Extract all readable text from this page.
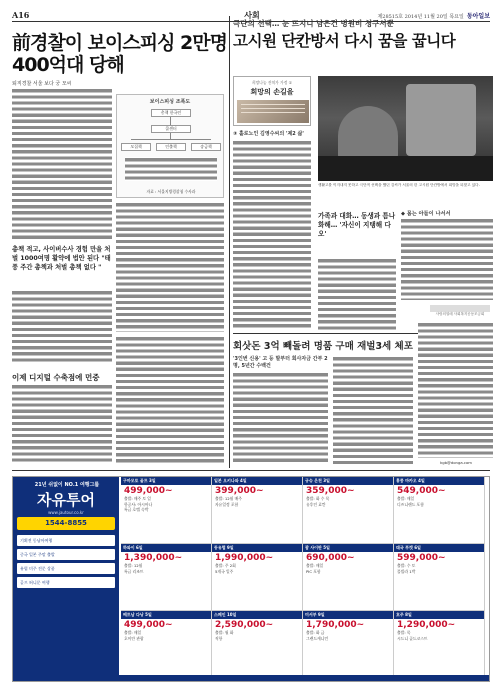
A16	사회	제28515호 2014년 11월 20일 목요일 동아일보
前경찰이 보이스피싱 2만명 400억대 당해
퇴직경찰 서울 보다 궁 모씨
보이스피싱 조폭도
총책 한국인
콜센터
모집책	인출책	송금책
자료 : 서울지방경찰청 수사과
총책 적고, 사이버수사 경험 만을 처벌 1000여명 활약에 법안 된다 "태풍 주간 총책과 처벌 총책 없다 "
이제 디지털 수축점에 먼중
극단의 선택… 눈 뜨지니 남은건 병원비 청구서뿐
고시원 단칸방서 다시 꿈을 꿉니다
희망나눔 잔치가 가정 ①
희망의 손길을
③ 홀로노인 김영수씨의 '제2 삶'
생활고를 이겨내지 못하고 극단적 선택을 했던 김씨가 서울의 한 고시원 단칸방에서 희망을 되찾고 있다.
가족과 대화… 동생과 틈나 화해… '자신이 지탱해 다오'
◆ 몸는 아들이 나서서
사랑의열매 사회복지공동모금회
회삿돈 3억 빼돌려 명품 구매 재벌3세 체포
'3인번 신용' 고 등 말부터 회사자금 간부 2명, 5년간 수백건
kgb@donga.com
21년 쉬없이 NO.1 여행그룹
자유투어
www.jautour.co.kr
1544-8855
기획전 동남아여행
중국 일본 주말 출발
유럽 미주 전문 상품
골프 허니문 여행
구마모토 골프 3일
499,000~
출발: 매주 토 일
항공사: 아시아나
특급 호텔 숙박
일본 오키나와 4일
399,000~
출발: 12월 매주
자유일정 포함
규슈 온천 3일
359,000~
출발: 화 수 목
유후인 료칸
홍콩 마카오 4일
549,000~
출발: 매일
디즈니랜드 포함
하와이 6일
1,390,000~
출발: 12월
특급 리조트
동유럽 9일
1,990,000~
출발: 주 2회
5개국 일주
괌 사이판 5일
690,000~
출발: 매일
PIC 포함
태국 푸켓 6일
599,000~
출발: 수 토
풀빌라 1박
베트남 다낭 5일
499,000~
출발: 매일
호이안 관광
스페인 10일
2,590,000~
출발: 월 화
직항
미서부 9일
1,790,000~
출발: 화 금
그랜드캐니언
호주 8일
1,290,000~
출발: 목
시드니 골드코스트
